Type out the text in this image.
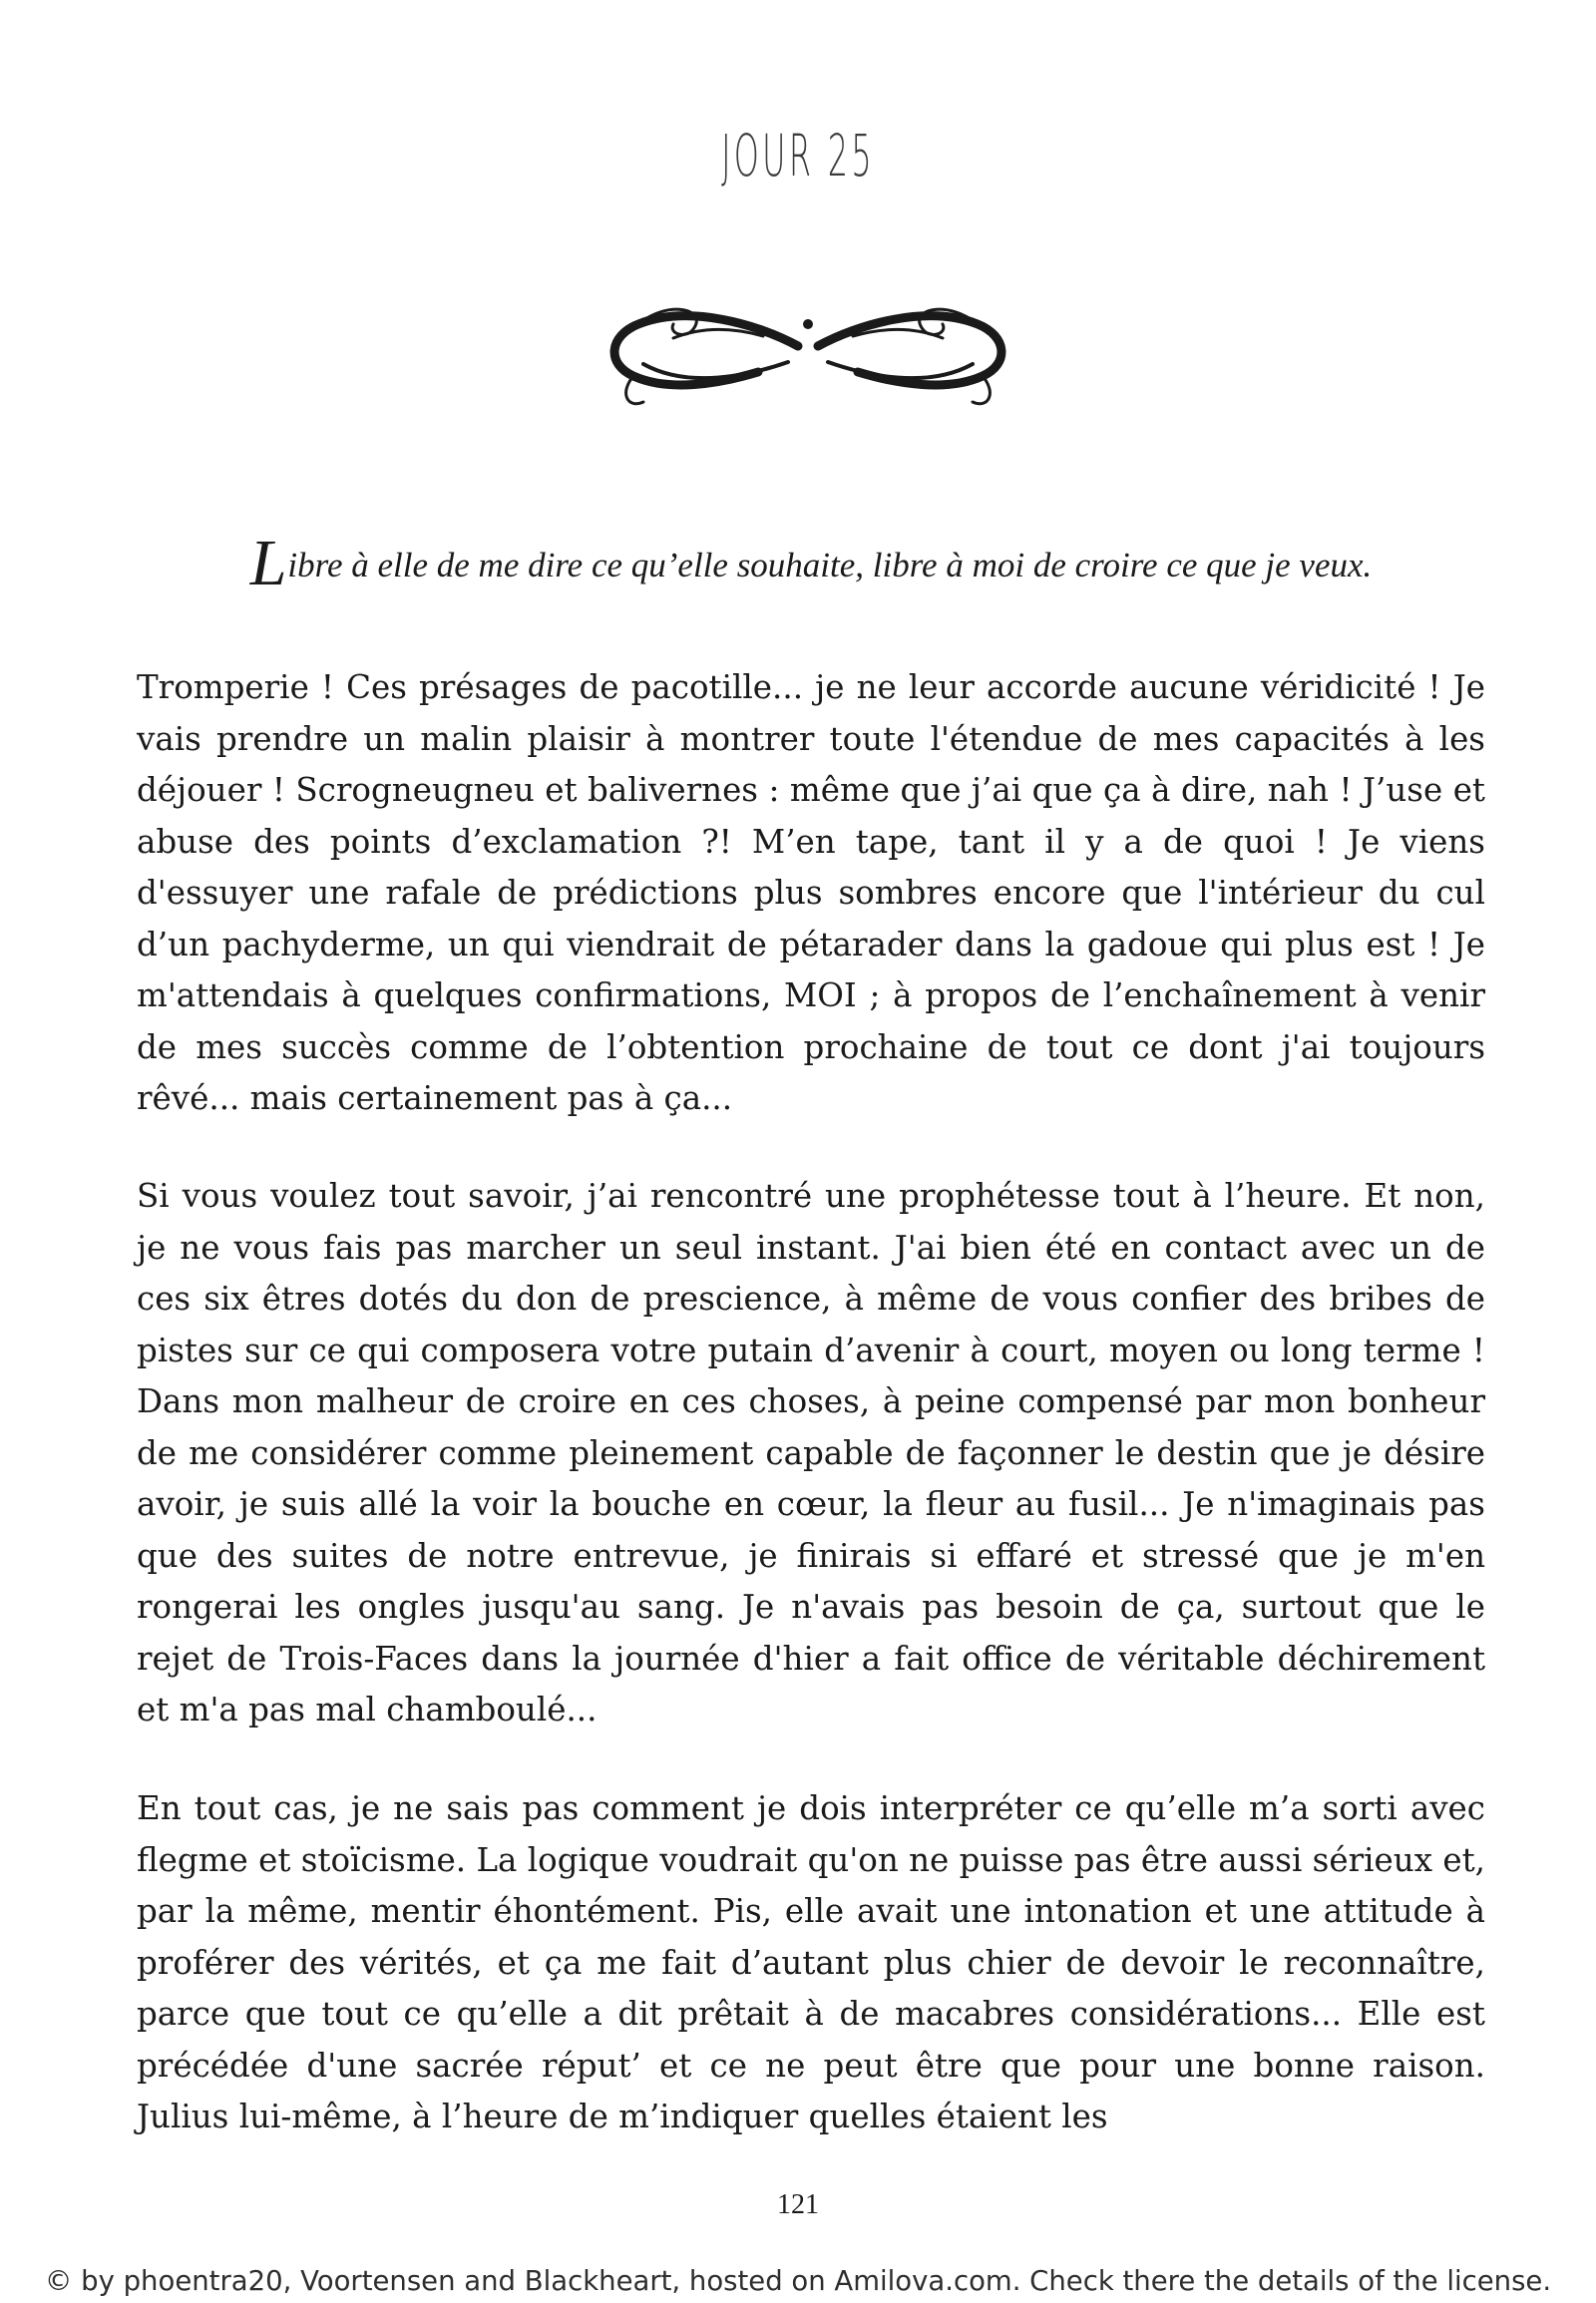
JOUR 25
Libre à elle de me dire ce qu’elle souhaite, libre à moi de croire ce que je veux.

Tromperie ! Ces présages de pacotille... je ne leur accorde aucune véridicité ! Je vais prendre un malin plaisir à montrer toute l'étendue de mes capacités à les déjouer ! Scrogneugneu et balivernes : même que j’ai que ça à dire, nah ! J’use et abuse des points d’exclamation ?! M’en tape, tant il y a de quoi ! Je viens d'essuyer une rafale de prédictions plus sombres encore que l'intérieur du cul d’un pachyderme, un qui viendrait de pétarader dans la gadoue qui plus est ! Je m'attendais à quelques confirmations, MOI ; à propos de l’enchaînement à venir de mes succès comme de l’obtention prochaine de tout ce dont j'ai toujours rêvé... mais certainement pas à ça...

Si vous voulez tout savoir, j’ai rencontré une prophétesse tout à l’heure. Et non, je ne vous fais pas marcher un seul instant. J'ai bien été en contact avec un de ces six êtres dotés du don de prescience, à même de vous confier des bribes de pistes sur ce qui composera votre putain d’avenir à court, moyen ou long terme ! Dans mon malheur de croire en ces choses, à peine compensé par mon bonheur de me considérer comme pleinement capable de façonner le destin que je désire avoir, je suis allé la voir la bouche en cœur, la fleur au fusil... Je n'imaginais pas que des suites de notre entrevue, je finirais si effaré et stressé que je m'en rongerai les ongles jusqu'au sang. Je n'avais pas besoin de ça, surtout que le rejet de Trois-Faces dans la journée d'hier a fait office de véritable déchirement et m'a pas mal chamboulé...

En tout cas, je ne sais pas comment je dois interpréter ce qu’elle m’a sorti avec flegme et stoïcisme. La logique voudrait qu'on ne puisse pas être aussi sérieux et, par la même, mentir éhontément. Pis, elle avait une intonation et une attitude à proférer des vérités, et ça me fait d’autant plus chier de devoir le reconnaître, parce que tout ce qu’elle a dit prêtait à de macabres considérations... Elle est précédée d'une sacrée réput’ et ce ne peut être que pour une bonne raison. Julius lui-même, à l’heure de m’indiquer quelles étaient les

121
© by phoentra20, Voortensen and Blackheart, hosted on Amilova.com. Check there the details of the license.
